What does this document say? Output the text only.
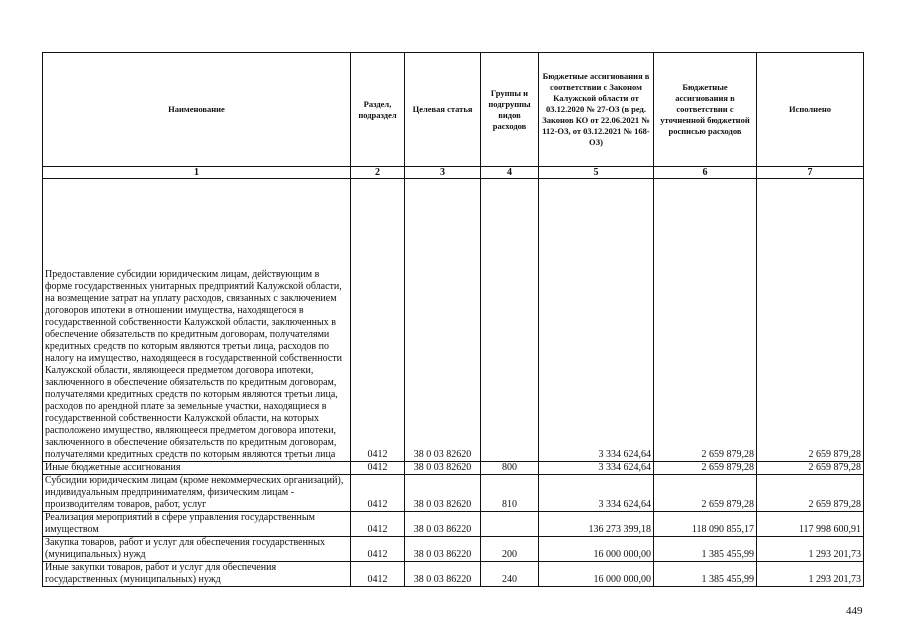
Наименование	Раздел, подраздел	Целевая статья	Группы и подгруппы видов расходов	Бюджетные ассигнования в соответствии с Законом Калужской области от 03.12.2020 № 27-ОЗ (в ред. Законов КО от 22.06.2021 № 112-ОЗ, от 03.12.2021 № 168-ОЗ)	Бюджетные ассигнования в соответствии с уточненной бюджетной росписью расходов	Исполнено
1	2	3	4	5	6	7
Предоставление субсидии юридическим лицам, действующим в форме государственных унитарных предприятий Калужской области, на возмещение затрат на уплату расходов, связанных с заключением договоров ипотеки в отношении имущества, находящегося в государственной собственности Калужской области, заключенных в обеспечение обязательств по кредитным договорам, получателями кредитных средств по которым являются третьи лица, расходов по налогу на имущество, находящееся в государственной собственности Калужской области, являющееся предметом договора ипотеки, заключенного в обеспечение обязательств по кредитным договорам, получателями кредитных средств по которым являются третьи лица, расходов по арендной плате за земельные участки, находящиеся в государственной собственности Калужской области, на которых расположено имущество, являющееся предметом договора ипотеки, заключенного в обеспечение обязательств по кредитным договорам, получателями кредитных средств по которым являются третьи лица	0412	38 0 03 82620		3 334 624,64	2 659 879,28	2 659 879,28
Иные бюджетные ассигнования	0412	38 0 03 82620	800	3 334 624,64	2 659 879,28	2 659 879,28
Субсидии юридическим лицам (кроме некоммерческих организаций), индивидуальным предпринимателям, физическим лицам - производителям товаров, работ, услуг	0412	38 0 03 82620	810	3 334 624,64	2 659 879,28	2 659 879,28
Реализация мероприятий в сфере управления государственным имуществом	0412	38 0 03 86220		136 273 399,18	118 090 855,17	117 998 600,91
Закупка товаров, работ и услуг для обеспечения государственных (муниципальных) нужд	0412	38 0 03 86220	200	16 000 000,00	1 385 455,99	1 293 201,73
Иные закупки товаров, работ и услуг для обеспечения государственных (муниципальных) нужд	0412	38 0 03 86220	240	16 000 000,00	1 385 455,99	1 293 201,73
449
